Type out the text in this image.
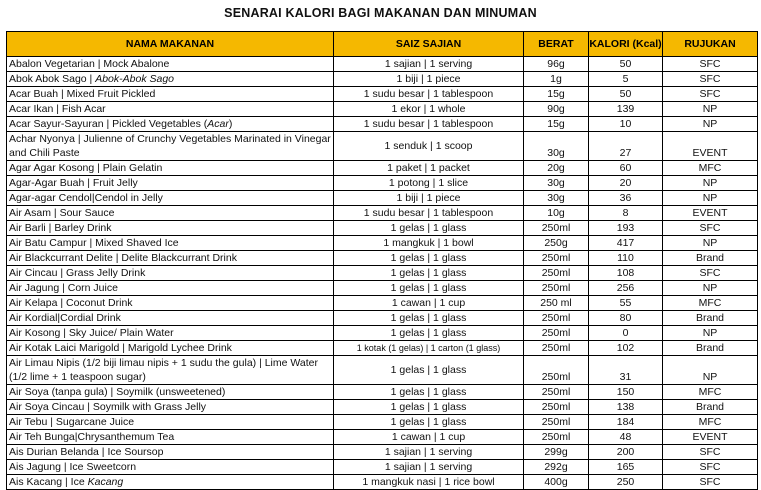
SENARAI KALORI BAGI MAKANAN DAN MINUMAN
NAMA MAKANAN	SAIZ SAJIAN	BERAT	KALORI (Kcal)	RUJUKAN
Abalon Vegetarian | Mock Abalone	1 sajian | 1 serving	96g	50	SFC
Abok Abok Sago | Abok-Abok Sago	1 biji | 1 piece	1g	5	SFC
Acar Buah | Mixed Fruit Pickled	1 sudu besar | 1 tablespoon	15g	50	SFC
Acar Ikan | Fish Acar	1 ekor | 1 whole	90g	139	NP
Acar Sayur-Sayuran | Pickled Vegetables (Acar)	1 sudu besar | 1 tablespoon	15g	10	NP
Achar Nyonya | Julienne of Crunchy Vegetables Marinated in Vinegar and Chili Paste	1 senduk | 1 scoop	30g	27	EVENT
Agar Agar Kosong | Plain Gelatin	1 paket | 1 packet	20g	60	MFC
Agar-Agar Buah | Fruit Jelly	1 potong | 1 slice	30g	20	NP
Agar-agar Cendol|Cendol in Jelly	1 biji | 1 piece	30g	36	NP
Air Asam | Sour Sauce	1 sudu besar | 1 tablespoon	10g	8	EVENT
Air Barli | Barley Drink	1 gelas | 1 glass	250ml	193	SFC
Air Batu Campur | Mixed Shaved Ice	1 mangkuk | 1 bowl	250g	417	NP
Air Blackcurrant Delite | Delite Blackcurrant Drink	1 gelas | 1 glass	250ml	110	Brand
Air Cincau | Grass Jelly Drink	1 gelas | 1 glass	250ml	108	SFC
Air Jagung | Corn Juice	1 gelas | 1 glass	250ml	256	NP
Air Kelapa | Coconut Drink	1 cawan | 1 cup	250 ml	55	MFC
Air Kordial|Cordial Drink	1 gelas | 1 glass	250ml	80	Brand
Air Kosong | Sky Juice/ Plain Water	1 gelas | 1 glass	250ml	0	NP
Air Kotak Laici Marigold | Marigold Lychee Drink	1 kotak (1 gelas) | 1 carton (1 glass)	250ml	102	Brand
Air Limau Nipis (1/2 biji limau nipis + 1 sudu the gula) | Lime Water (1/2 lime + 1 teaspoon sugar)	1 gelas | 1 glass	250ml	31	NP
Air Soya (tanpa gula) | Soymilk (unsweetened)	1 gelas | 1 glass	250ml	150	MFC
Air Soya Cincau | Soymilk with Grass Jelly	1 gelas | 1 glass	250ml	138	Brand
Air Tebu | Sugarcane Juice	1 gelas | 1 glass	250ml	184	MFC
Air Teh Bunga|Chrysanthemum Tea	1 cawan | 1 cup	250ml	48	EVENT
Ais Durian Belanda | Ice Soursop	1 sajian | 1 serving	299g	200	SFC
Ais Jagung | Ice Sweetcorn	1 sajian | 1 serving	292g	165	SFC
Ais Kacang | Ice Kacang	1 mangkuk nasi | 1 rice bowl	400g	250	SFC
